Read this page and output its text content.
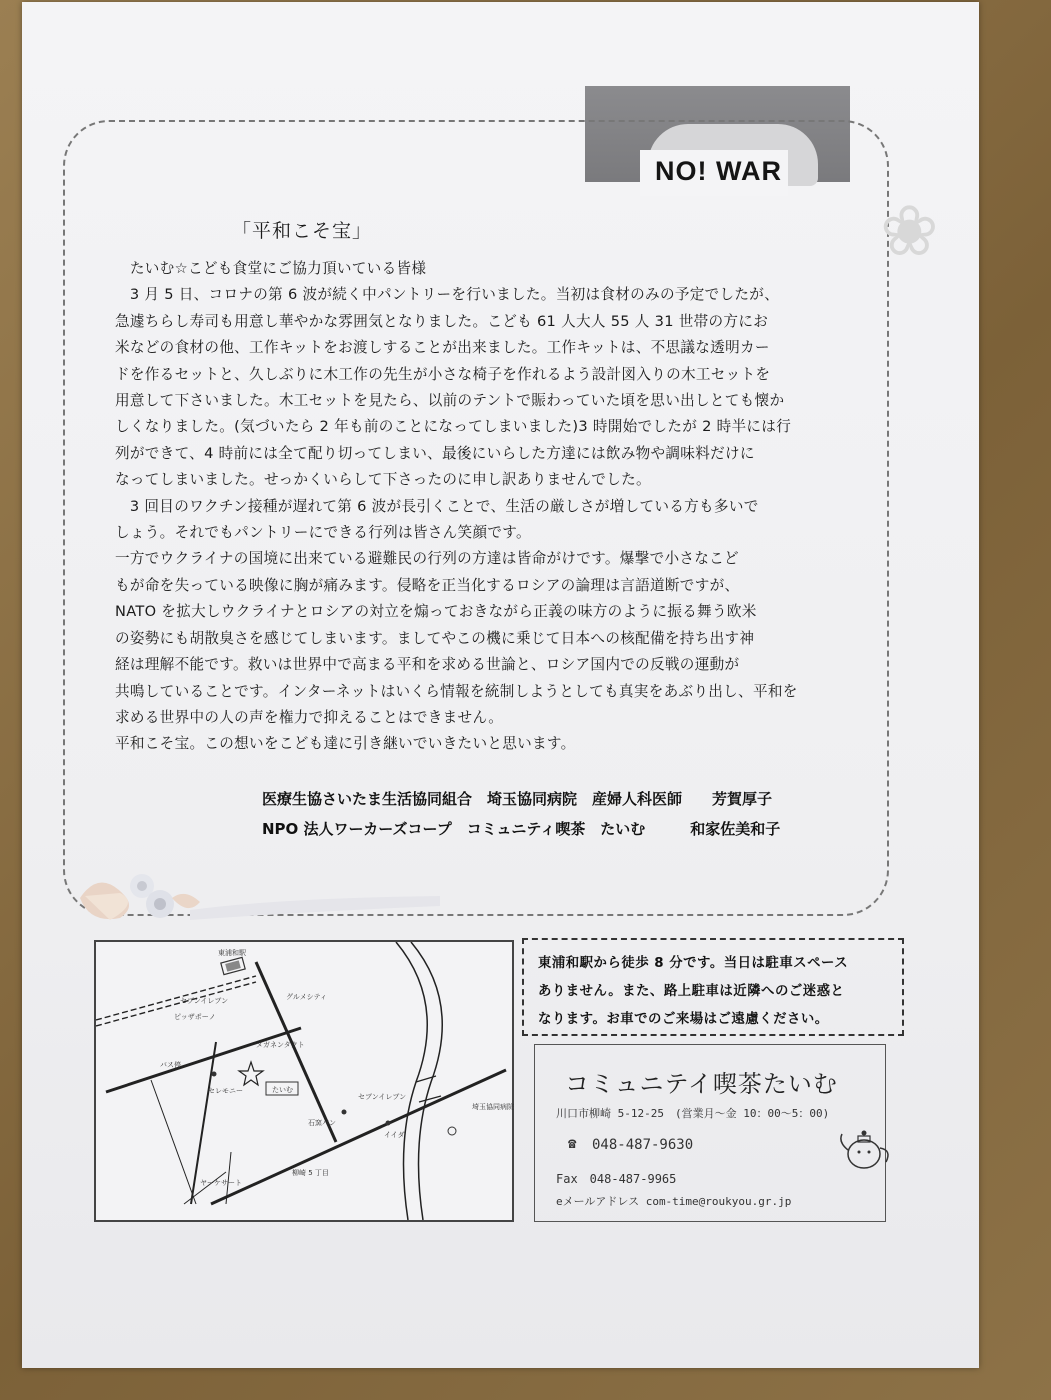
NO! WAR
❀
「平和こそ宝」

　たいむ☆こども食堂にご協力頂いている皆様

　3 月 5 日、コロナの第 6 波が続く中パントリーを行いました。当初は食材のみの予定でしたが、

急遽ちらし寿司も用意し華やかな雰囲気となりました。こども 61 人大人 55 人 31 世帯の方にお

米などの食材の他、工作キットをお渡しすることが出来ました。工作キットは、不思議な透明カー

ドを作るセットと、久しぶりに木工作の先生が小さな椅子を作れるよう設計図入りの木工セットを

用意して下さいました。木工セットを見たら、以前のテントで賑わっていた頃を思い出しとても懐か

しくなりました。(気づいたら 2 年も前のことになってしまいました)3 時開始でしたが 2 時半には行

列ができて、4 時前には全て配り切ってしまい、最後にいらした方達には飲み物や調味料だけに

なってしまいました。せっかくいらして下さったのに申し訳ありませんでした。

　3 回目のワクチン接種が遅れて第 6 波が長引くことで、生活の厳しさが増している方も多いで

しょう。それでもパントリーにできる行列は皆さん笑顔です。

一方でウクライナの国境に出来ている避難民の行列の方達は皆命がけです。爆撃で小さなこど

もが命を失っている映像に胸が痛みます。侵略を正当化するロシアの論理は言語道断ですが、

NATO を拡大しウクライナとロシアの対立を煽っておきながら正義の味方のように振る舞う欧米

の姿勢にも胡散臭さを感じてしまいます。ましてやこの機に乗じて日本への核配備を持ち出す神

経は理解不能です。救いは世界中で高まる平和を求める世論と、ロシア国内での反戦の運動が

共鳴していることです。インターネットはいくら情報を統制しようとしても真実をあぶり出し、平和を

求める世界中の人の声を権力で抑えることはできません。

平和こそ宝。この想いをこども達に引き継いでいきたいと思います。

医療生協さいたま生活協同組合　埼玉協同病院　産婦人科医師　　芳賀厚子
NPO 法人ワーカーズコープ　コミュニティ喫茶　たいむ　　　和家佐美和子
東浦和駅
セブンイレブン	グルメシティ
ピッザポーノ
メガネンタクト
バス停
セレモニー	たいむ
セブンイレブン
埼玉協同病院
石窯パン
イイダ
柳崎 5 丁目
ヤーケサート

東浦和駅から徒歩 8 分です。当日は駐車スペース

ありません。また、路上駐車は近隣へのご迷惑と

なります。お車でのご来場はご遠慮ください。

コミュニテイ喫茶たいむ
川口市柳崎 5-12-25　(営業月～金 10：00～5：00)
☎ 048-487-9630
Fax　048-487-9965
eメールアドレス com-time@roukyou.gr.jp
